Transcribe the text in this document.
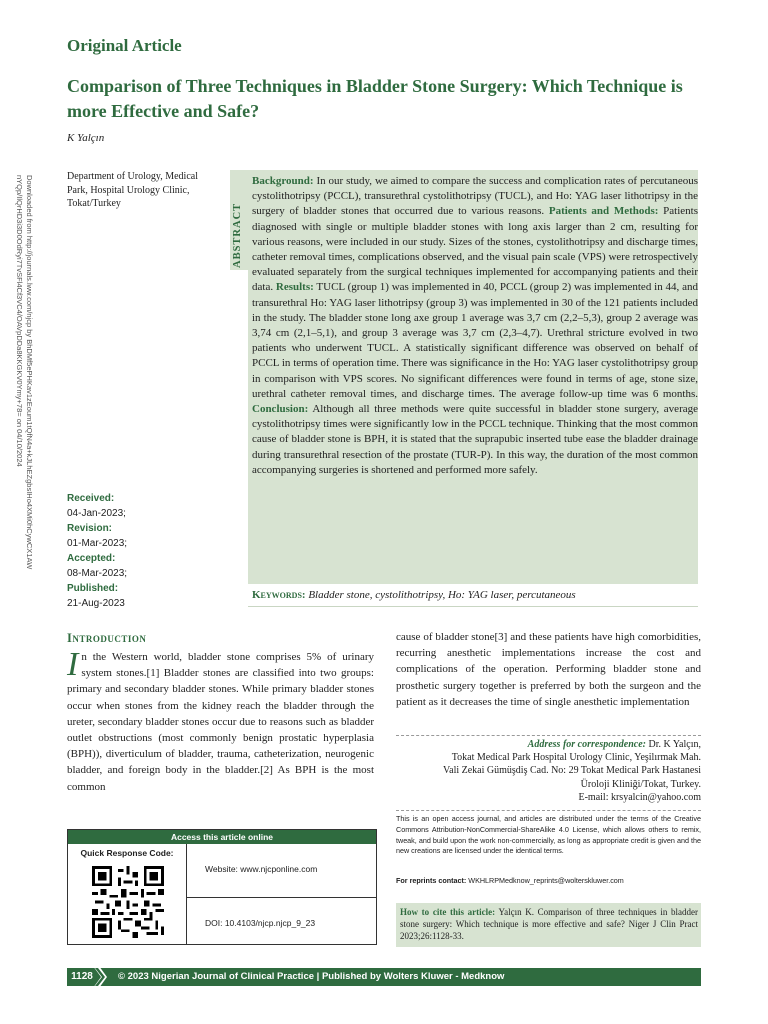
Original Article
Comparison of Three Techniques in Bladder Stone Surgery: Which Technique is more Effective and Safe?
K Yalçın
Downloaded from http://journals.lww.com/njcp by BhDMf5ePHKav1zEoum1tQfN4a+kJLhEZgbsIHo4XMi0hCywCX1AW nYQp/IlQrHD3i3D0OdRyi7TvSFl4Cf3VC4/OAVpDDa8KKGKV0Ymy+78= on 04/10/2024	Department of Urology, Medical Park, Hospital Urology Clinic, Tokat/Turkey
Received:
04-Jan-2023;
Revision:
01-Mar-2023;
Accepted:
08-Mar-2023;
Published:
21-Aug-2023
ABSTRACT
Background: In our study, we aimed to compare the success and complication rates of percutaneous cystolithotripsy (PCCL), transurethral cystolithotripsy (TUCL), and Ho: YAG laser lithotripsy in the surgery of bladder stones that occurred due to various reasons. Patients and Methods: Patients diagnosed with single or multiple bladder stones with long axis larger than 2 cm, resulting for various reasons, were included in our study. Sizes of the stones, cystolithotripsy and discharge times, catheter removal times, complications observed, and the visual pain scale (VPS) were retrospectively evaluated separately from the surgical techniques implemented for accompanying patients and their data. Results: TUCL (group 1) was implemented in 40, PCCL (group 2) was implemented in 44, and transurethral Ho: YAG laser lithotripsy (group 3) was implemented in 30 of the 121 patients included in the study. The bladder stone long axe group 1 average was 3,7 cm (2,2–5,3), group 2 average was 3,74 cm (2,1–5,1), and group 3 average was 3,7 cm (2,3–4,7). Urethral stricture evolved in two patients who underwent TUCL. A statistically significant difference was observed on behalf of PCCL in terms of operation time. There was significance in the Ho: YAG laser cystolithotripsy group in comparison with VPS scores. No significant differences were found in terms of age, stone size, urethral catheter removal times, and discharge times. The average follow-up time was 6 months. Conclusion: Although all three methods were quite successful in bladder stone surgery, average cystolithotripsy times were significantly low in the PCCL technique. Thinking that the most common cause of bladder stone is BPH, it is stated that the suprapubic inserted tube ease the bladder drainage during transurethral resection of the prostate (TUR-P). In this way, the duration of the most common accompanying surgeries is shortened and performed more safely.
Keywords: Bladder stone, cystolithotripsy, Ho: YAG laser, percutaneous
Introduction
In the Western world, bladder stone comprises 5% of urinary system stones.[1] Bladder stones are classified into two groups: primary and secondary bladder stones. While primary bladder stones occur when stones from the kidney reach the bladder through the ureter, secondary bladder stones occur due to reasons such as bladder outlet obstructions (most commonly benign prostatic hyperplasia (BPH)), diverticulum of bladder, trauma, catheterization, neurogenic bladder, and foreign body in the bladder.[2] As BPH is the most common
cause of bladder stone[3] and these patients have high comorbidities, recurring anesthetic implementations increase the cost and complications of the operation. Performing bladder stone and prosthetic surgery together is preferred by both the surgeon and the patient as it decreases the time of single anesthetic implementation
Address for correspondence: Dr. K Yalçın,
Tokat Medical Park Hospital Urology Clinic, Yeşilırmak Mah.
Vali Zekai Gümüşdiş Cad. No: 29 Tokat Medical Park Hastanesi
Üroloji Kliniği/Tokat, Turkey.
E-mail: krsyalcin@yahoo.com
This is an open access journal, and articles are distributed under the terms of the Creative Commons Attribution-NonCommercial-ShareAlike 4.0 License, which allows others to remix, tweak, and build upon the work non-commercially, as long as appropriate credit is given and the new creations are licensed under the identical terms.
For reprints contact: WKHLRPMedknow_reprints@wolterskluwer.com
How to cite this article: Yalçın K. Comparison of three techniques in bladder stone surgery: Which technique is more effective and safe? Niger J Clin Pract 2023;26:1128-33.
Access this article online
Quick Response Code:
Website: www.njcponline.com
DOI: 10.4103/njcp.njcp_9_23
1128	© 2023 Nigerian Journal of Clinical Practice | Published by Wolters Kluwer - Medknow
